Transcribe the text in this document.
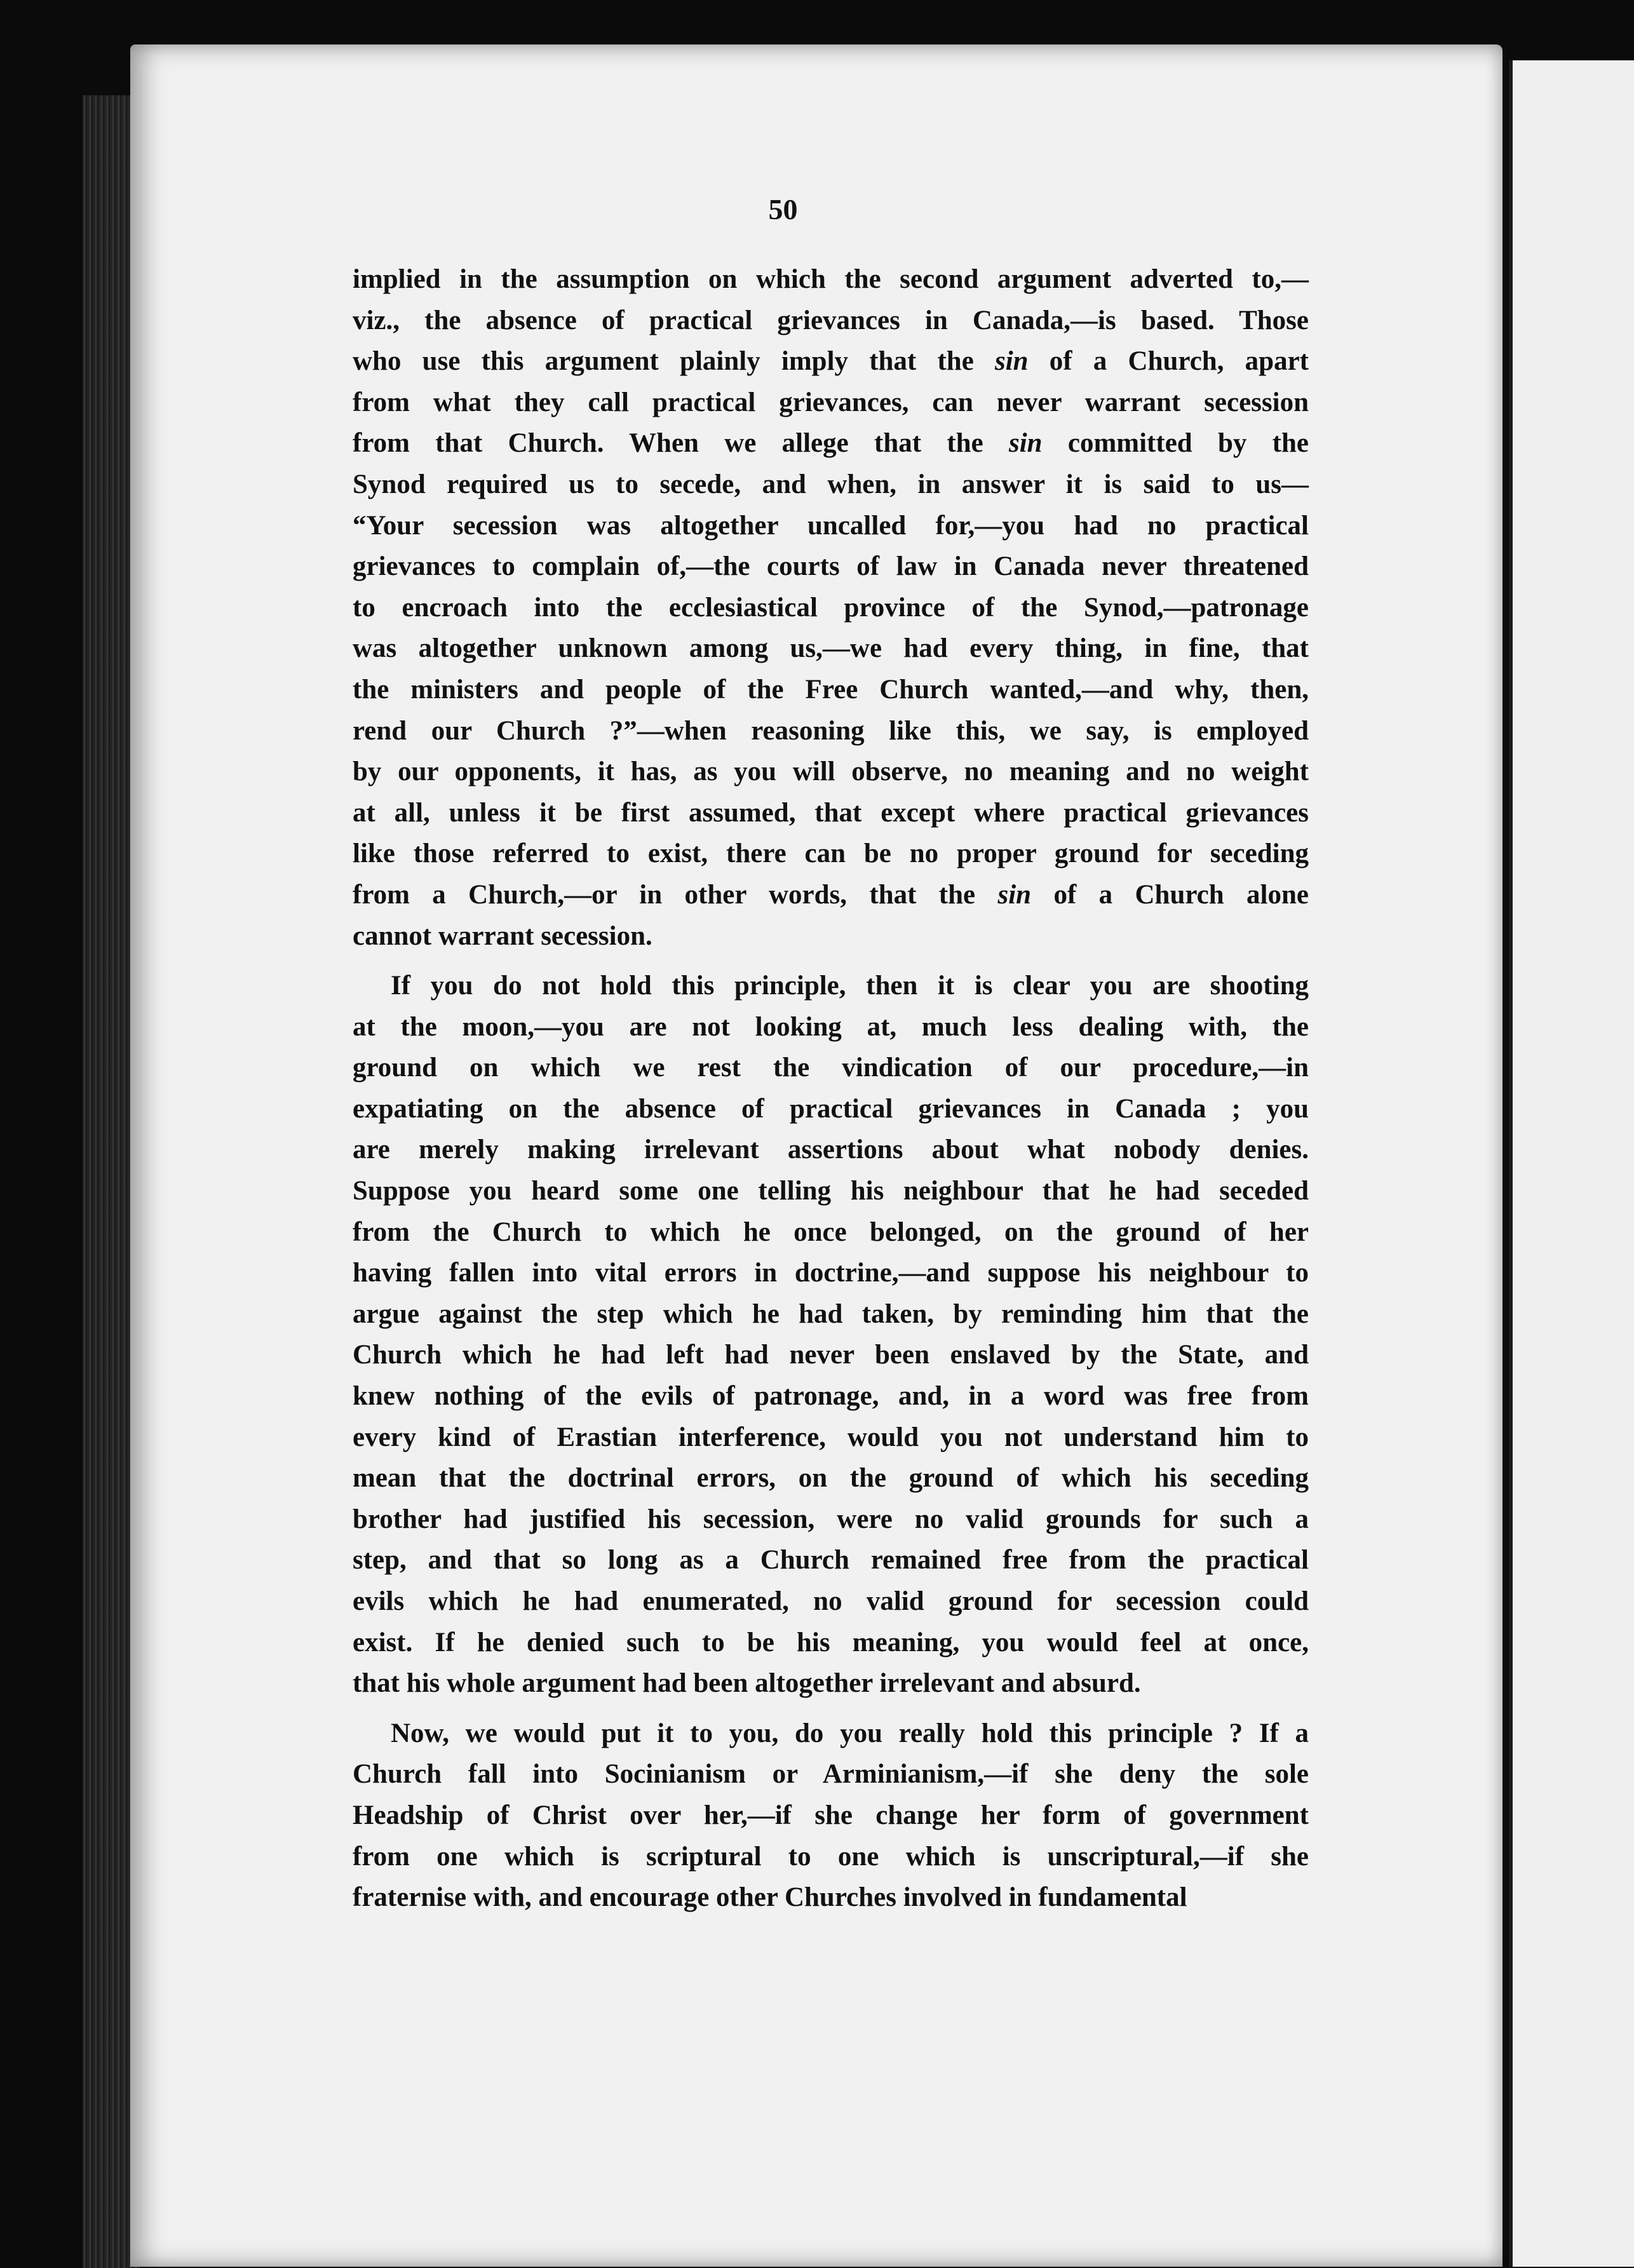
50
implied in the assumption on which the second argument adverted to,—
viz., the absence of practical grievances in Canada,—is based. Those
who use this argument plainly imply that the sin of a Church, apart
from what they call practical grievances, can never warrant secession
from that Church. When we allege that the sin committed by the
Synod required us to secede, and when, in answer it is said to us—
“Your secession was altogether uncalled for,—you had no practical
grievances to complain of,—the courts of law in Canada never threatened
to encroach into the ecclesiastical province of the Synod,—patronage
was altogether unknown among us,—we had every thing, in fine, that
the ministers and people of the Free Church wanted,—and why, then,
rend our Church ?”—when reasoning like this, we say, is employed
by our opponents, it has, as you will observe, no meaning and no weight
at all, unless it be first assumed, that except where practical grievances
like those referred to exist, there can be no proper ground for seceding
from a Church,—or in other words, that the sin of a Church alone
cannot warrant secession.
If you do not hold this principle, then it is clear you are shooting
at the moon,—you are not looking at, much less dealing with, the
ground on which we rest the vindication of our procedure,—in
expatiating on the absence of practical grievances in Canada ; you
are merely making irrelevant assertions about what nobody denies.
Suppose you heard some one telling his neighbour that he had seceded
from the Church to which he once belonged, on the ground of her
having fallen into vital errors in doctrine,—and suppose his neighbour to
argue against the step which he had taken, by reminding him that the
Church which he had left had never been enslaved by the State, and
knew nothing of the evils of patronage, and, in a word was free from
every kind of Erastian interference, would you not understand him to
mean that the doctrinal errors, on the ground of which his seceding
brother had justified his secession, were no valid grounds for such a
step, and that so long as a Church remained free from the practical
evils which he had enumerated, no valid ground for secession could
exist. If he denied such to be his meaning, you would feel at once,
that his whole argument had been altogether irrelevant and absurd.
Now, we would put it to you, do you really hold this principle ? If a
Church fall into Socinianism or Arminianism,—if she deny the sole
Headship of Christ over her,—if she change her form of government
from one which is scriptural to one which is unscriptural,—if she
fraternise with, and encourage other Churches involved in fundamental
